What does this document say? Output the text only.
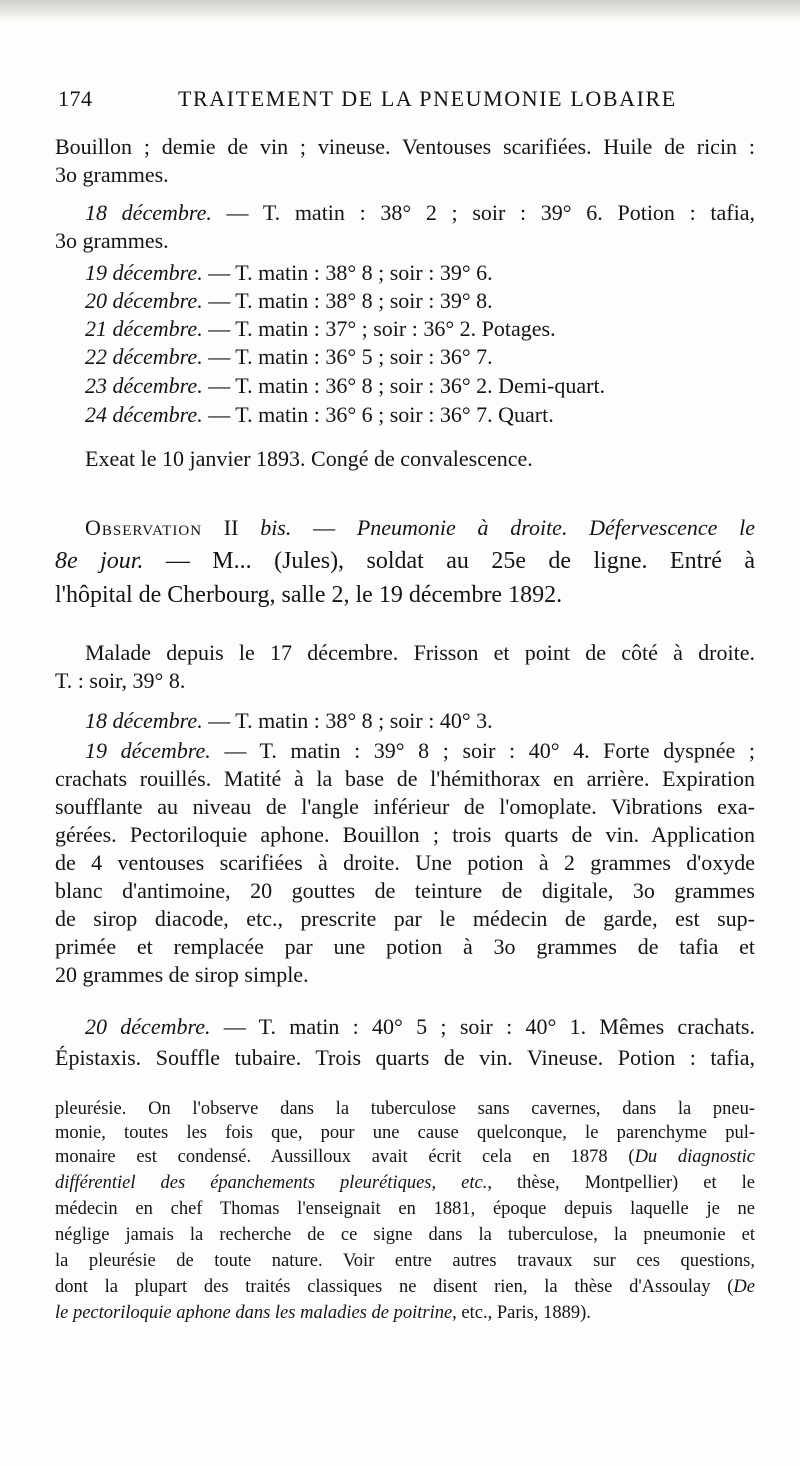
174	TRAITEMENT DE LA PNEUMONIE LOBAIRE
Bouillon ; demie de vin ; vineuse. Ventouses scarifiées. Huile de ricin :
3o grammes.
18 décembre. — T. matin : 38° 2 ; soir : 39° 6. Potion : tafia,
3o grammes.
19 décembre. — T. matin : 38° 8 ; soir : 39° 6.
20 décembre. — T. matin : 38° 8 ; soir : 39° 8.
21 décembre. — T. matin : 37° ; soir : 36° 2. Potages.
22 décembre. — T. matin : 36° 5 ; soir : 36° 7.
23 décembre. — T. matin : 36° 8 ; soir : 36° 2. Demi-quart.
24 décembre. — T. matin : 36° 6 ; soir : 36° 7. Quart.
Exeat le 10 janvier 1893. Congé de convalescence.
Observation II bis. — Pneumonie à droite. Défervescence le
8e jour. — M... (Jules), soldat au 25e de ligne. Entré à
l'hôpital de Cherbourg, salle 2, le 19 décembre 1892.
Malade depuis le 17 décembre. Frisson et point de côté à droite.
T. : soir, 39° 8.
18 décembre. — T. matin : 38° 8 ; soir : 40° 3.
19 décembre. — T. matin : 39° 8 ; soir : 40° 4. Forte dyspnée ;
crachats rouillés. Matité à la base de l'hémithorax en arrière. Expiration
soufflante au niveau de l'angle inférieur de l'omoplate. Vibrations exa-
gérées. Pectoriloquie aphone. Bouillon ; trois quarts de vin. Application
de 4 ventouses scarifiées à droite. Une potion à 2 grammes d'oxyde
blanc d'antimoine, 20 gouttes de teinture de digitale, 3o grammes
de sirop diacode, etc., prescrite par le médecin de garde, est sup-
primée et remplacée par une potion à 3o grammes de tafia et
20 grammes de sirop simple.
20 décembre. — T. matin : 40° 5 ; soir : 40° 1. Mêmes crachats.
Épistaxis. Souffle tubaire. Trois quarts de vin. Vineuse. Potion : tafia,
pleurésie. On l'observe dans la tuberculose sans cavernes, dans la pneu-
monie, toutes les fois que, pour une cause quelconque, le parenchyme pul-
monaire est condensé. Aussilloux avait écrit cela en 1878 (Du diagnostic
différentiel des épanchements pleurétiques, etc., thèse, Montpellier) et le
médecin en chef Thomas l'enseignait en 1881, époque depuis laquelle je ne
néglige jamais la recherche de ce signe dans la tuberculose, la pneumonie et
la pleurésie de toute nature. Voir entre autres travaux sur ces questions,
dont la plupart des traités classiques ne disent rien, la thèse d'Assoulay (De
le pectoriloquie aphone dans les maladies de poitrine, etc., Paris, 1889).
